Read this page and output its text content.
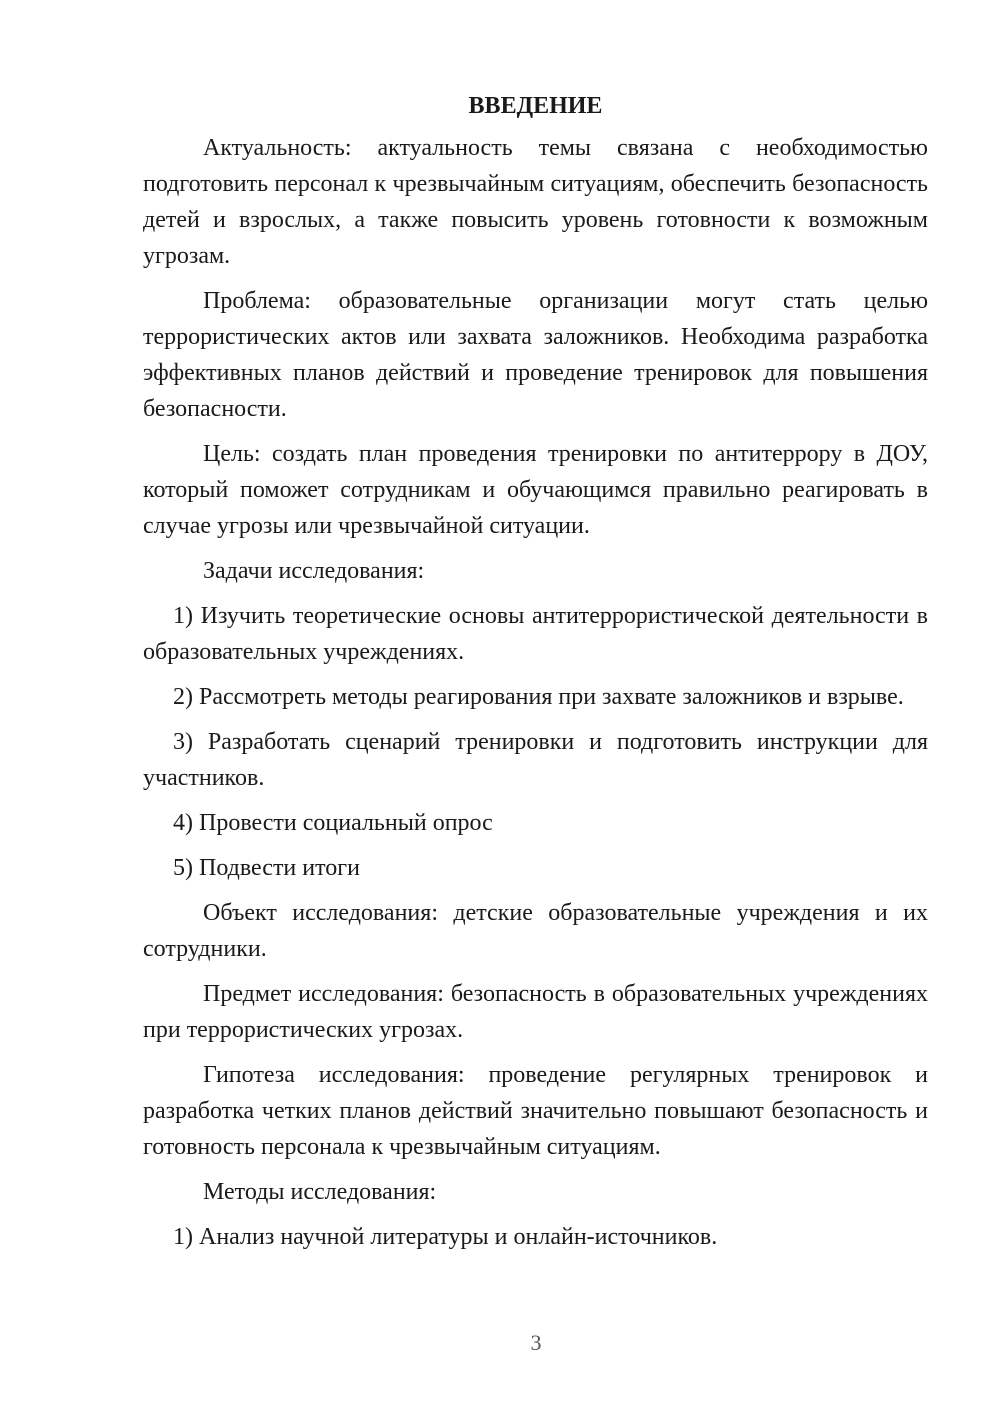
ВВЕДЕНИЕ

Актуальность: актуальность темы связана с необходимостью подготовить персонал к чрезвычайным ситуациям, обеспечить безопасность детей и взрослых, а также повысить уровень готовности к возможным угрозам.

Проблема: образовательные организации могут стать целью террористических актов или захвата заложников. Необходима разработка эффективных планов действий и проведение тренировок для повышения безопасности.

Цель: создать план проведения тренировки по антитеррору в ДОУ, который поможет сотрудникам и обучающимся правильно реагировать в случае угрозы или чрезвычайной ситуации.

Задачи исследования:

1) Изучить теоретические основы антитеррористической деятельности в образовательных учреждениях.

2) Рассмотреть методы реагирования при захвате заложников и взрыве.

3) Разработать сценарий тренировки и подготовить инструкции для участников.

4) Провести социальный опрос

5) Подвести итоги

Объект исследования: детские образовательные учреждения и их сотрудники.

Предмет исследования: безопасность в образовательных учреждениях при террористических угрозах.

Гипотеза исследования: проведение регулярных тренировок и разработка четких планов действий значительно повышают безопасность и готовность персонала к чрезвычайным ситуациям.

Методы исследования:

1) Анализ научной литературы и онлайн-источников.

3
